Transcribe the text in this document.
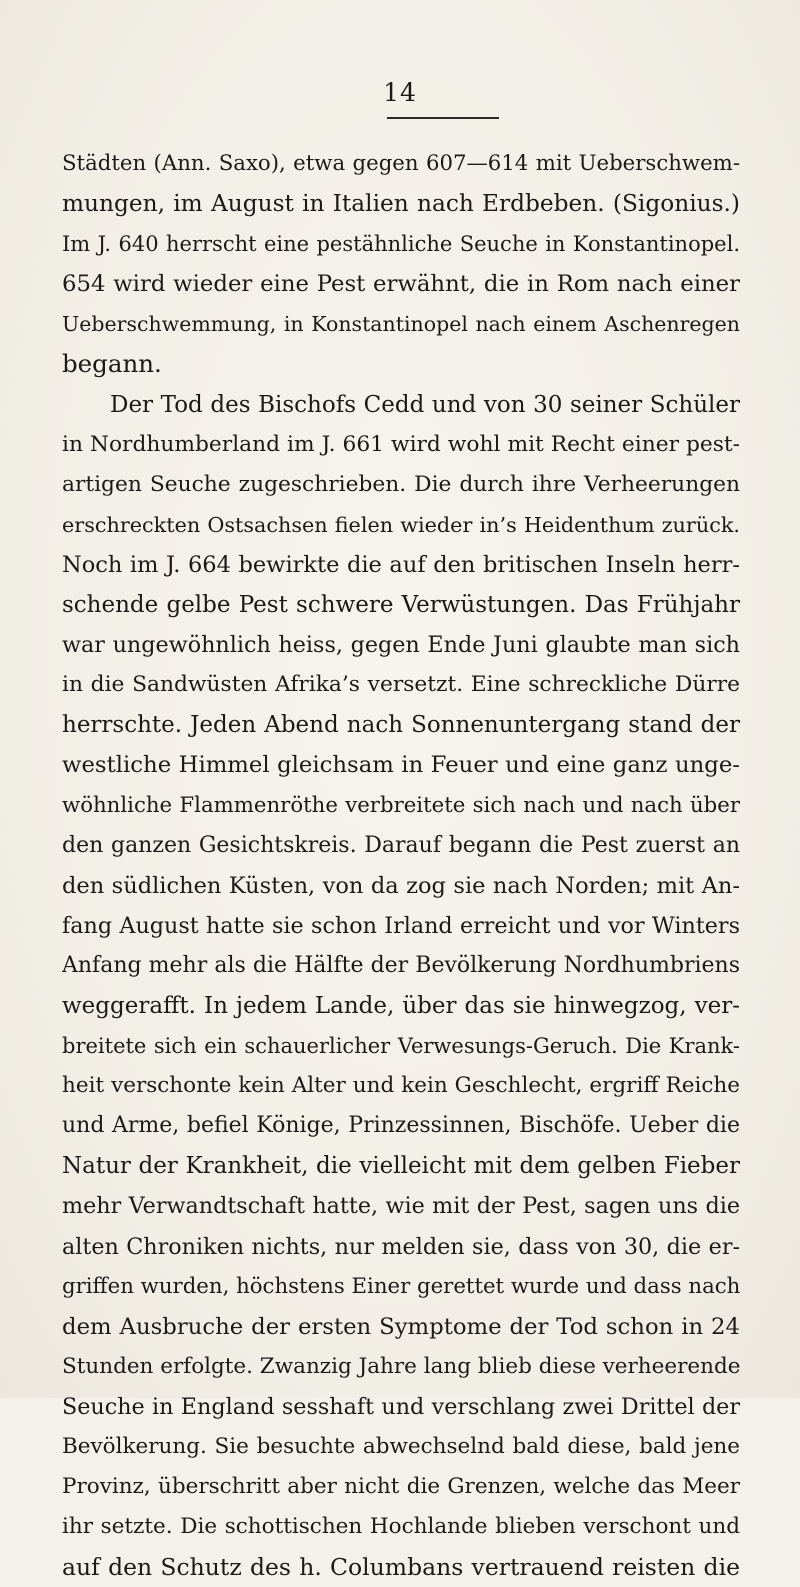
14
Städten (Ann. Saxo), etwa gegen 607—614 mit Ueberschwem-
mungen, im August in Italien nach Erdbeben. (Sigonius.)
Im J. 640 herrscht eine pestähnliche Seuche in Konstantinopel.
654 wird wieder eine Pest erwähnt, die in Rom nach einer
Ueberschwemmung, in Konstantinopel nach einem Aschenregen
begann.
Der Tod des Bischofs Cedd und von 30 seiner Schüler
in Nordhumberland im J. 661 wird wohl mit Recht einer pest-
artigen Seuche zugeschrieben. Die durch ihre Verheerungen
erschreckten Ostsachsen fielen wieder in’s Heidenthum zurück.
Noch im J. 664 bewirkte die auf den britischen Inseln herr-
schende gelbe Pest schwere Verwüstungen. Das Frühjahr
war ungewöhnlich heiss, gegen Ende Juni glaubte man sich
in die Sandwüsten Afrika’s versetzt. Eine schreckliche Dürre
herrschte. Jeden Abend nach Sonnenuntergang stand der
westliche Himmel gleichsam in Feuer und eine ganz unge-
wöhnliche Flammenröthe verbreitete sich nach und nach über
den ganzen Gesichtskreis. Darauf begann die Pest zuerst an
den südlichen Küsten, von da zog sie nach Norden; mit An-
fang August hatte sie schon Irland erreicht und vor Winters
Anfang mehr als die Hälfte der Bevölkerung Nordhumbriens
weggerafft. In jedem Lande, über das sie hinwegzog, ver-
breitete sich ein schauerlicher Verwesungs-Geruch. Die Krank-
heit verschonte kein Alter und kein Geschlecht, ergriff Reiche
und Arme, befiel Könige, Prinzessinnen, Bischöfe. Ueber die
Natur der Krankheit, die vielleicht mit dem gelben Fieber
mehr Verwandtschaft hatte, wie mit der Pest, sagen uns die
alten Chroniken nichts, nur melden sie, dass von 30, die er-
griffen wurden, höchstens Einer gerettet wurde und dass nach
dem Ausbruche der ersten Symptome der Tod schon in 24
Stunden erfolgte. Zwanzig Jahre lang blieb diese verheerende
Seuche in England sesshaft und verschlang zwei Drittel der
Bevölkerung. Sie besuchte abwechselnd bald diese, bald jene
Provinz, überschritt aber nicht die Grenzen, welche das Meer
ihr setzte. Die schottischen Hochlande blieben verschont und
auf den Schutz des h. Columbans vertrauend reisten die
